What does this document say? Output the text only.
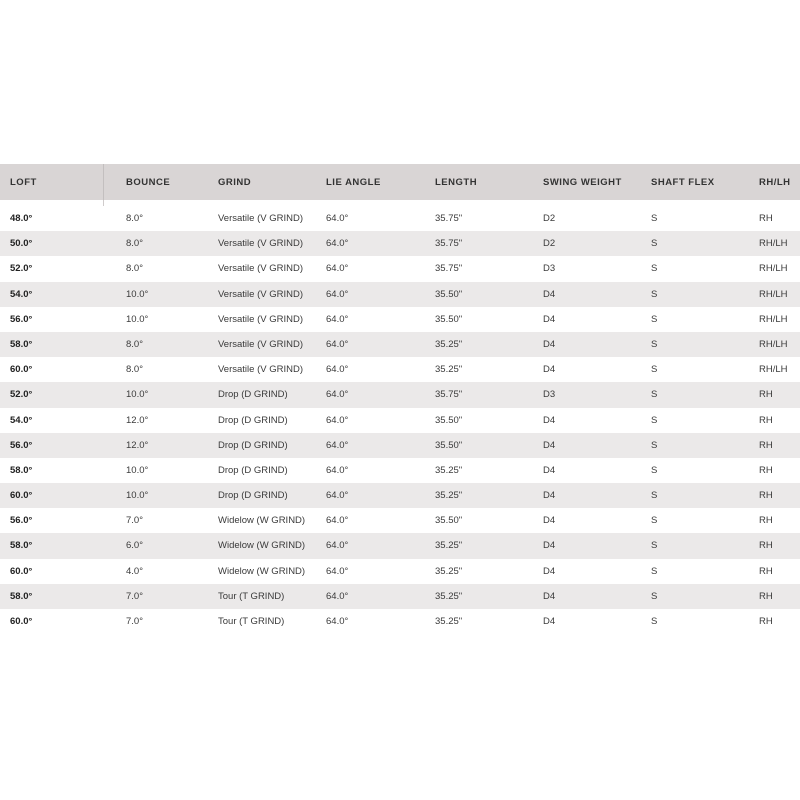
LOFT	BOUNCE	GRIND	LIE ANGLE	LENGTH	SWING WEIGHT	SHAFT FLEX	RH/LH
48.0°	8.0°	Versatile (V GRIND) 64.0°	35.75"	D2	S	RH
50.0°	8.0°	Versatile (V GRIND) 64.0°	35.75"	D2	S	RH/LH
52.0°	8.0°	Versatile (V GRIND) 64.0°	35.75"	D3	S	RH/LH
54.0°	10.0°	Versatile (V GRIND) 64.0°	35.50"	D4	S	RH/LH
56.0°	10.0°	Versatile (V GRIND) 64.0°	35.50"	D4	S	RH/LH
58.0°	8.0°	Versatile (V GRIND) 64.0°	35.25"	D4	S	RH/LH
60.0°	8.0°	Versatile (V GRIND) 64.0°	35.25"	D4	S	RH/LH
52.0°	10.0°	Drop (D GRIND)	64.0°	35.75"	D3	S	RH
54.0°	12.0°	Drop (D GRIND)	64.0°	35.50"	D4	S	RH
56.0°	12.0°	Drop (D GRIND)	64.0°	35.50"	D4	S	RH
58.0°	10.0°	Drop (D GRIND)	64.0°	35.25"	D4	S	RH
60.0°	10.0°	Drop (D GRIND)	64.0°	35.25"	D4	S	RH
56.0°	7.0°	Widelow (W GRIND) 64.0°	35.50"	D4	S	RH
58.0°	6.0°	Widelow (W GRIND) 64.0°	35.25"	D4	S	RH
60.0°	4.0°	Widelow (W GRIND) 64.0°	35.25"	D4	S	RH
58.0°	7.0°	Tour (T GRIND)	64.0°	35.25"	D4	S	RH
60.0°	7.0°	Tour (T GRIND)	64.0°	35.25"	D4	S	RH
